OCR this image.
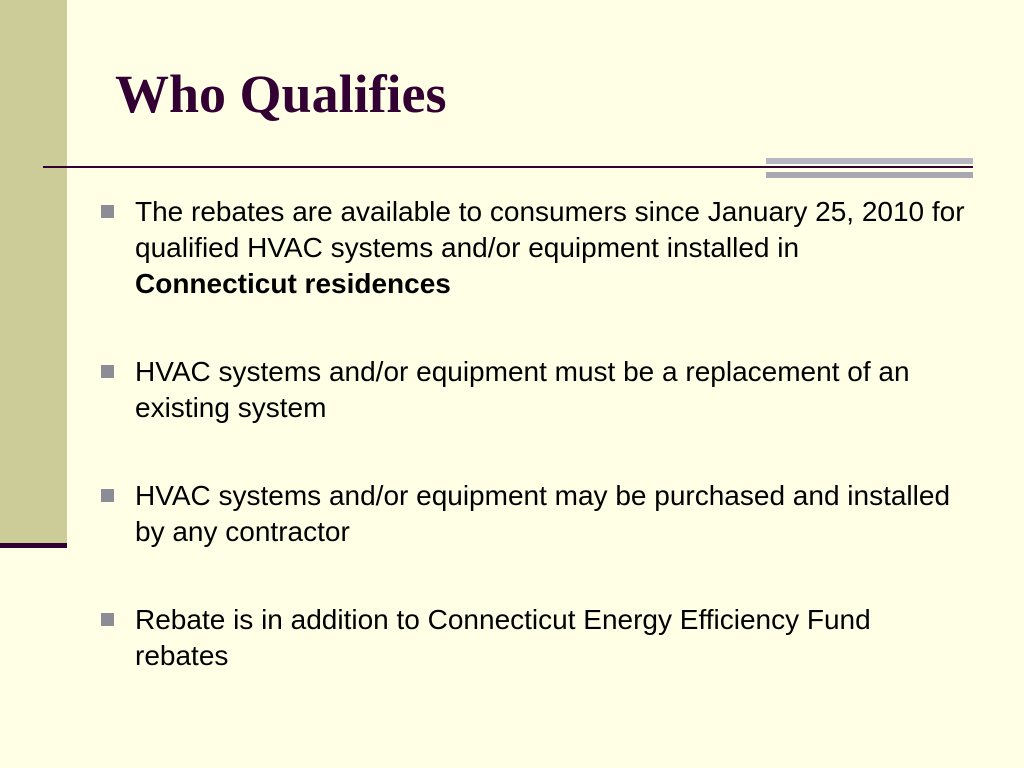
Who Qualifies
The rebates are available to consumers since January 25, 2010 for qualified HVAC systems and/or equipment installed in Connecticut residences
HVAC systems and/or equipment must be a replacement of an existing system
HVAC systems and/or equipment may be purchased and installed by any contractor
Rebate is in addition to Connecticut Energy Efficiency Fund rebates
